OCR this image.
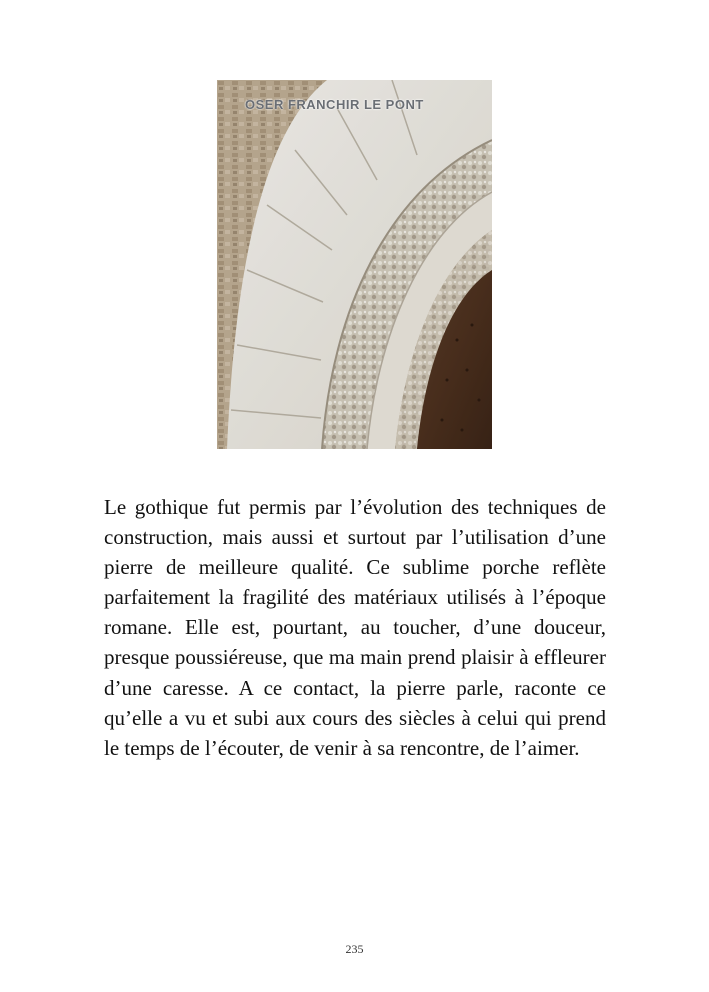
OSER FRANCHIR LE PONT

Le gothique fut permis par l’évolution des techniques de construction, mais aussi et surtout par l’utilisation d’une pierre de meilleure qualité. Ce sublime porche reflète parfaitement la fragilité des matériaux utilisés à l’époque romane. Elle est, pourtant, au toucher, d’une douceur, presque poussiéreuse, que ma main prend plaisir à effleurer d’une caresse. A ce contact, la pierre parle, raconte ce qu’elle a vu et subi aux cours des siècles à celui qui prend le temps de l’écouter, de venir à sa rencontre, de l’aimer.

235
